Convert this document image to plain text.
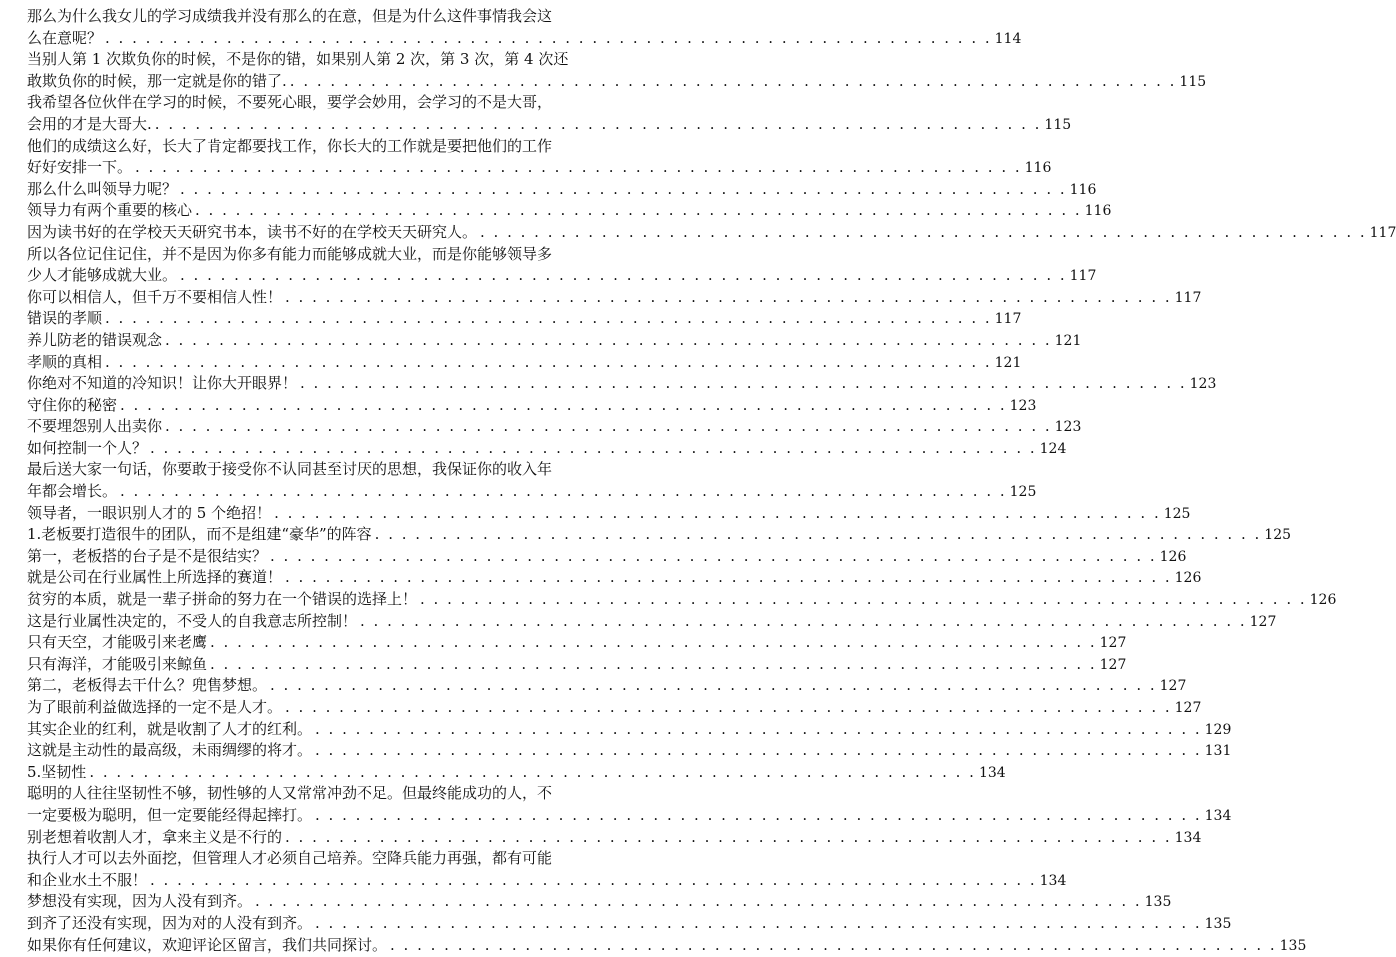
那么为什么我女儿的学习成绩我并没有那么的在意，但是为什么这件事情我会这
么在意呢？ . . . . . . . . . . . . . . . . . . . . . . . . . . . . . . . . . . . . . . . . . . . . . . . . . . . . . . . . . . . . . . . . . . 114
当别人第 1 次欺负你的时候，不是你的错，如果别人第 2 次，第 3 次，第 4 次还
敢欺负你的时候，那一定就是你的错了. . . . . . . . . . . . . . . . . . . . . . . . . . . . . . . . . . . . . . . . . . . . . . . . . . . . . . . . . . . . . . . . . . . 115
我希望各位伙伴在学习的时候，不要死心眼，要学会妙用，会学习的不是大哥，
会用的才是大哥大. . . . . . . . . . . . . . . . . . . . . . . . . . . . . . . . . . . . . . . . . . . . . . . . . . . . . . . . . . . . . . . . . . . 115
他们的成绩这么好，长大了肯定都要找工作，你长大的工作就是要把他们的工作
好好安排一下。 . . . . . . . . . . . . . . . . . . . . . . . . . . . . . . . . . . . . . . . . . . . . . . . . . . . . . . . . . . . . . . . . . . 116
那么什么叫领导力呢？ . . . . . . . . . . . . . . . . . . . . . . . . . . . . . . . . . . . . . . . . . . . . . . . . . . . . . . . . . . . . . . . . . . 116
领导力有两个重要的核心 . . . . . . . . . . . . . . . . . . . . . . . . . . . . . . . . . . . . . . . . . . . . . . . . . . . . . . . . . . . . . . . . . . 116
因为读书好的在学校天天研究书本，读书不好的在学校天天研究人。 . . . . . . . . . . . . . . . . . . . . . . . . . . . . . . . . . . . . . . . . . . . . . . . . . . . . . . . . . . . . . . . . . . 117
所以各位记住记住，并不是因为你多有能力而能够成就大业，而是你能够领导多
少人才能够成就大业。 . . . . . . . . . . . . . . . . . . . . . . . . . . . . . . . . . . . . . . . . . . . . . . . . . . . . . . . . . . . . . . . . . . 117
你可以相信人，但千万不要相信人性！ . . . . . . . . . . . . . . . . . . . . . . . . . . . . . . . . . . . . . . . . . . . . . . . . . . . . . . . . . . . . . . . . . . 117
错误的孝顺 . . . . . . . . . . . . . . . . . . . . . . . . . . . . . . . . . . . . . . . . . . . . . . . . . . . . . . . . . . . . . . . . . . 117
养儿防老的错误观念 . . . . . . . . . . . . . . . . . . . . . . . . . . . . . . . . . . . . . . . . . . . . . . . . . . . . . . . . . . . . . . . . . . 121
孝顺的真相 . . . . . . . . . . . . . . . . . . . . . . . . . . . . . . . . . . . . . . . . . . . . . . . . . . . . . . . . . . . . . . . . . . 121
你绝对不知道的冷知识！让你大开眼界！ . . . . . . . . . . . . . . . . . . . . . . . . . . . . . . . . . . . . . . . . . . . . . . . . . . . . . . . . . . . . . . . . . . 123
守住你的秘密 . . . . . . . . . . . . . . . . . . . . . . . . . . . . . . . . . . . . . . . . . . . . . . . . . . . . . . . . . . . . . . . . . . 123
不要埋怨别人出卖你 . . . . . . . . . . . . . . . . . . . . . . . . . . . . . . . . . . . . . . . . . . . . . . . . . . . . . . . . . . . . . . . . . . 123
如何控制一个人？ . . . . . . . . . . . . . . . . . . . . . . . . . . . . . . . . . . . . . . . . . . . . . . . . . . . . . . . . . . . . . . . . . . 124
最后送大家一句话，你要敢于接受你不认同甚至讨厌的思想，我保证你的收入年
年都会增长。 . . . . . . . . . . . . . . . . . . . . . . . . . . . . . . . . . . . . . . . . . . . . . . . . . . . . . . . . . . . . . . . . . . 125
领导者，一眼识别人才的 5 个绝招！ . . . . . . . . . . . . . . . . . . . . . . . . . . . . . . . . . . . . . . . . . . . . . . . . . . . . . . . . . . . . . . . . . . 125
1.老板要打造很牛的团队，而不是组建“豪华”的阵容 . . . . . . . . . . . . . . . . . . . . . . . . . . . . . . . . . . . . . . . . . . . . . . . . . . . . . . . . . . . . . . . . . . 125
第一，老板搭的台子是不是很结实？ . . . . . . . . . . . . . . . . . . . . . . . . . . . . . . . . . . . . . . . . . . . . . . . . . . . . . . . . . . . . . . . . . . 126
就是公司在行业属性上所选择的赛道！ . . . . . . . . . . . . . . . . . . . . . . . . . . . . . . . . . . . . . . . . . . . . . . . . . . . . . . . . . . . . . . . . . . 126
贫穷的本质，就是一辈子拼命的努力在一个错误的选择上！ . . . . . . . . . . . . . . . . . . . . . . . . . . . . . . . . . . . . . . . . . . . . . . . . . . . . . . . . . . . . . . . . . . 126
这是行业属性决定的，不受人的自我意志所控制！ . . . . . . . . . . . . . . . . . . . . . . . . . . . . . . . . . . . . . . . . . . . . . . . . . . . . . . . . . . . . . . . . . . 127
只有天空，才能吸引来老鹰 . . . . . . . . . . . . . . . . . . . . . . . . . . . . . . . . . . . . . . . . . . . . . . . . . . . . . . . . . . . . . . . . . . 127
只有海洋，才能吸引来鲸鱼 . . . . . . . . . . . . . . . . . . . . . . . . . . . . . . . . . . . . . . . . . . . . . . . . . . . . . . . . . . . . . . . . . . 127
第二，老板得去干什么？兜售梦想。 . . . . . . . . . . . . . . . . . . . . . . . . . . . . . . . . . . . . . . . . . . . . . . . . . . . . . . . . . . . . . . . . . . 127
为了眼前利益做选择的一定不是人才。 . . . . . . . . . . . . . . . . . . . . . . . . . . . . . . . . . . . . . . . . . . . . . . . . . . . . . . . . . . . . . . . . . . 127
其实企业的红利，就是收割了人才的红利。 . . . . . . . . . . . . . . . . . . . . . . . . . . . . . . . . . . . . . . . . . . . . . . . . . . . . . . . . . . . . . . . . . . 129
这就是主动性的最高级，未雨绸缪的将才。 . . . . . . . . . . . . . . . . . . . . . . . . . . . . . . . . . . . . . . . . . . . . . . . . . . . . . . . . . . . . . . . . . . 131
5.坚韧性 . . . . . . . . . . . . . . . . . . . . . . . . . . . . . . . . . . . . . . . . . . . . . . . . . . . . . . . . . . . . . . . . . . 134
聪明的人往往坚韧性不够，韧性够的人又常常冲劲不足。但最终能成功的人，不
一定要极为聪明，但一定要能经得起摔打。 . . . . . . . . . . . . . . . . . . . . . . . . . . . . . . . . . . . . . . . . . . . . . . . . . . . . . . . . . . . . . . . . . . 134
别老想着收割人才，拿来主义是不行的 . . . . . . . . . . . . . . . . . . . . . . . . . . . . . . . . . . . . . . . . . . . . . . . . . . . . . . . . . . . . . . . . . . 134
执行人才可以去外面挖，但管理人才必须自己培养。空降兵能力再强，都有可能
和企业水土不服！ . . . . . . . . . . . . . . . . . . . . . . . . . . . . . . . . . . . . . . . . . . . . . . . . . . . . . . . . . . . . . . . . . . 134
梦想没有实现，因为人没有到齐。 . . . . . . . . . . . . . . . . . . . . . . . . . . . . . . . . . . . . . . . . . . . . . . . . . . . . . . . . . . . . . . . . . . 135
到齐了还没有实现，因为对的人没有到齐。 . . . . . . . . . . . . . . . . . . . . . . . . . . . . . . . . . . . . . . . . . . . . . . . . . . . . . . . . . . . . . . . . . . 135
如果你有任何建议，欢迎评论区留言，我们共同探讨。 . . . . . . . . . . . . . . . . . . . . . . . . . . . . . . . . . . . . . . . . . . . . . . . . . . . . . . . . . . . . . . . . . . 135
